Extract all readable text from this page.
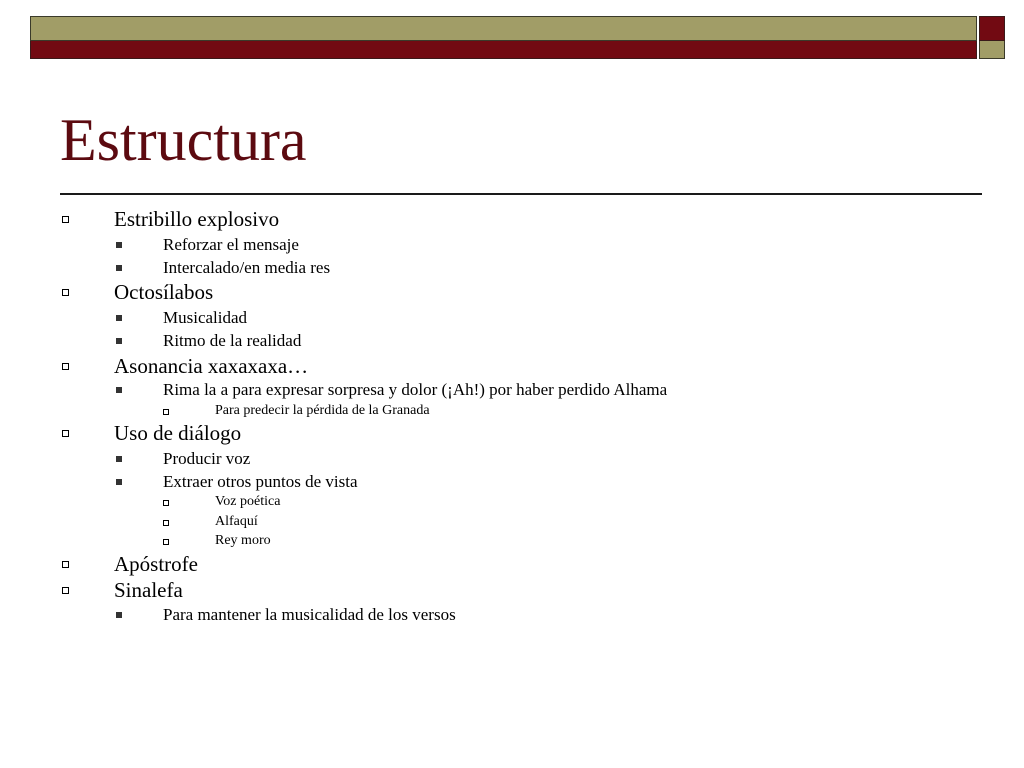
Estructura
Estribillo explosivo
Reforzar el mensaje
Intercalado/en media res
Octosílabos
Musicalidad
Ritmo de la realidad
Asonancia xaxaxaxa…
Rima la a para expresar sorpresa y dolor (¡Ah!) por haber perdido Alhama
Para predecir la pérdida de la Granada
Uso de diálogo
Producir voz
Extraer otros puntos de vista
Voz poética
Alfaquí
Rey moro
Apóstrofe
Sinalefa
Para mantener la musicalidad de los versos
